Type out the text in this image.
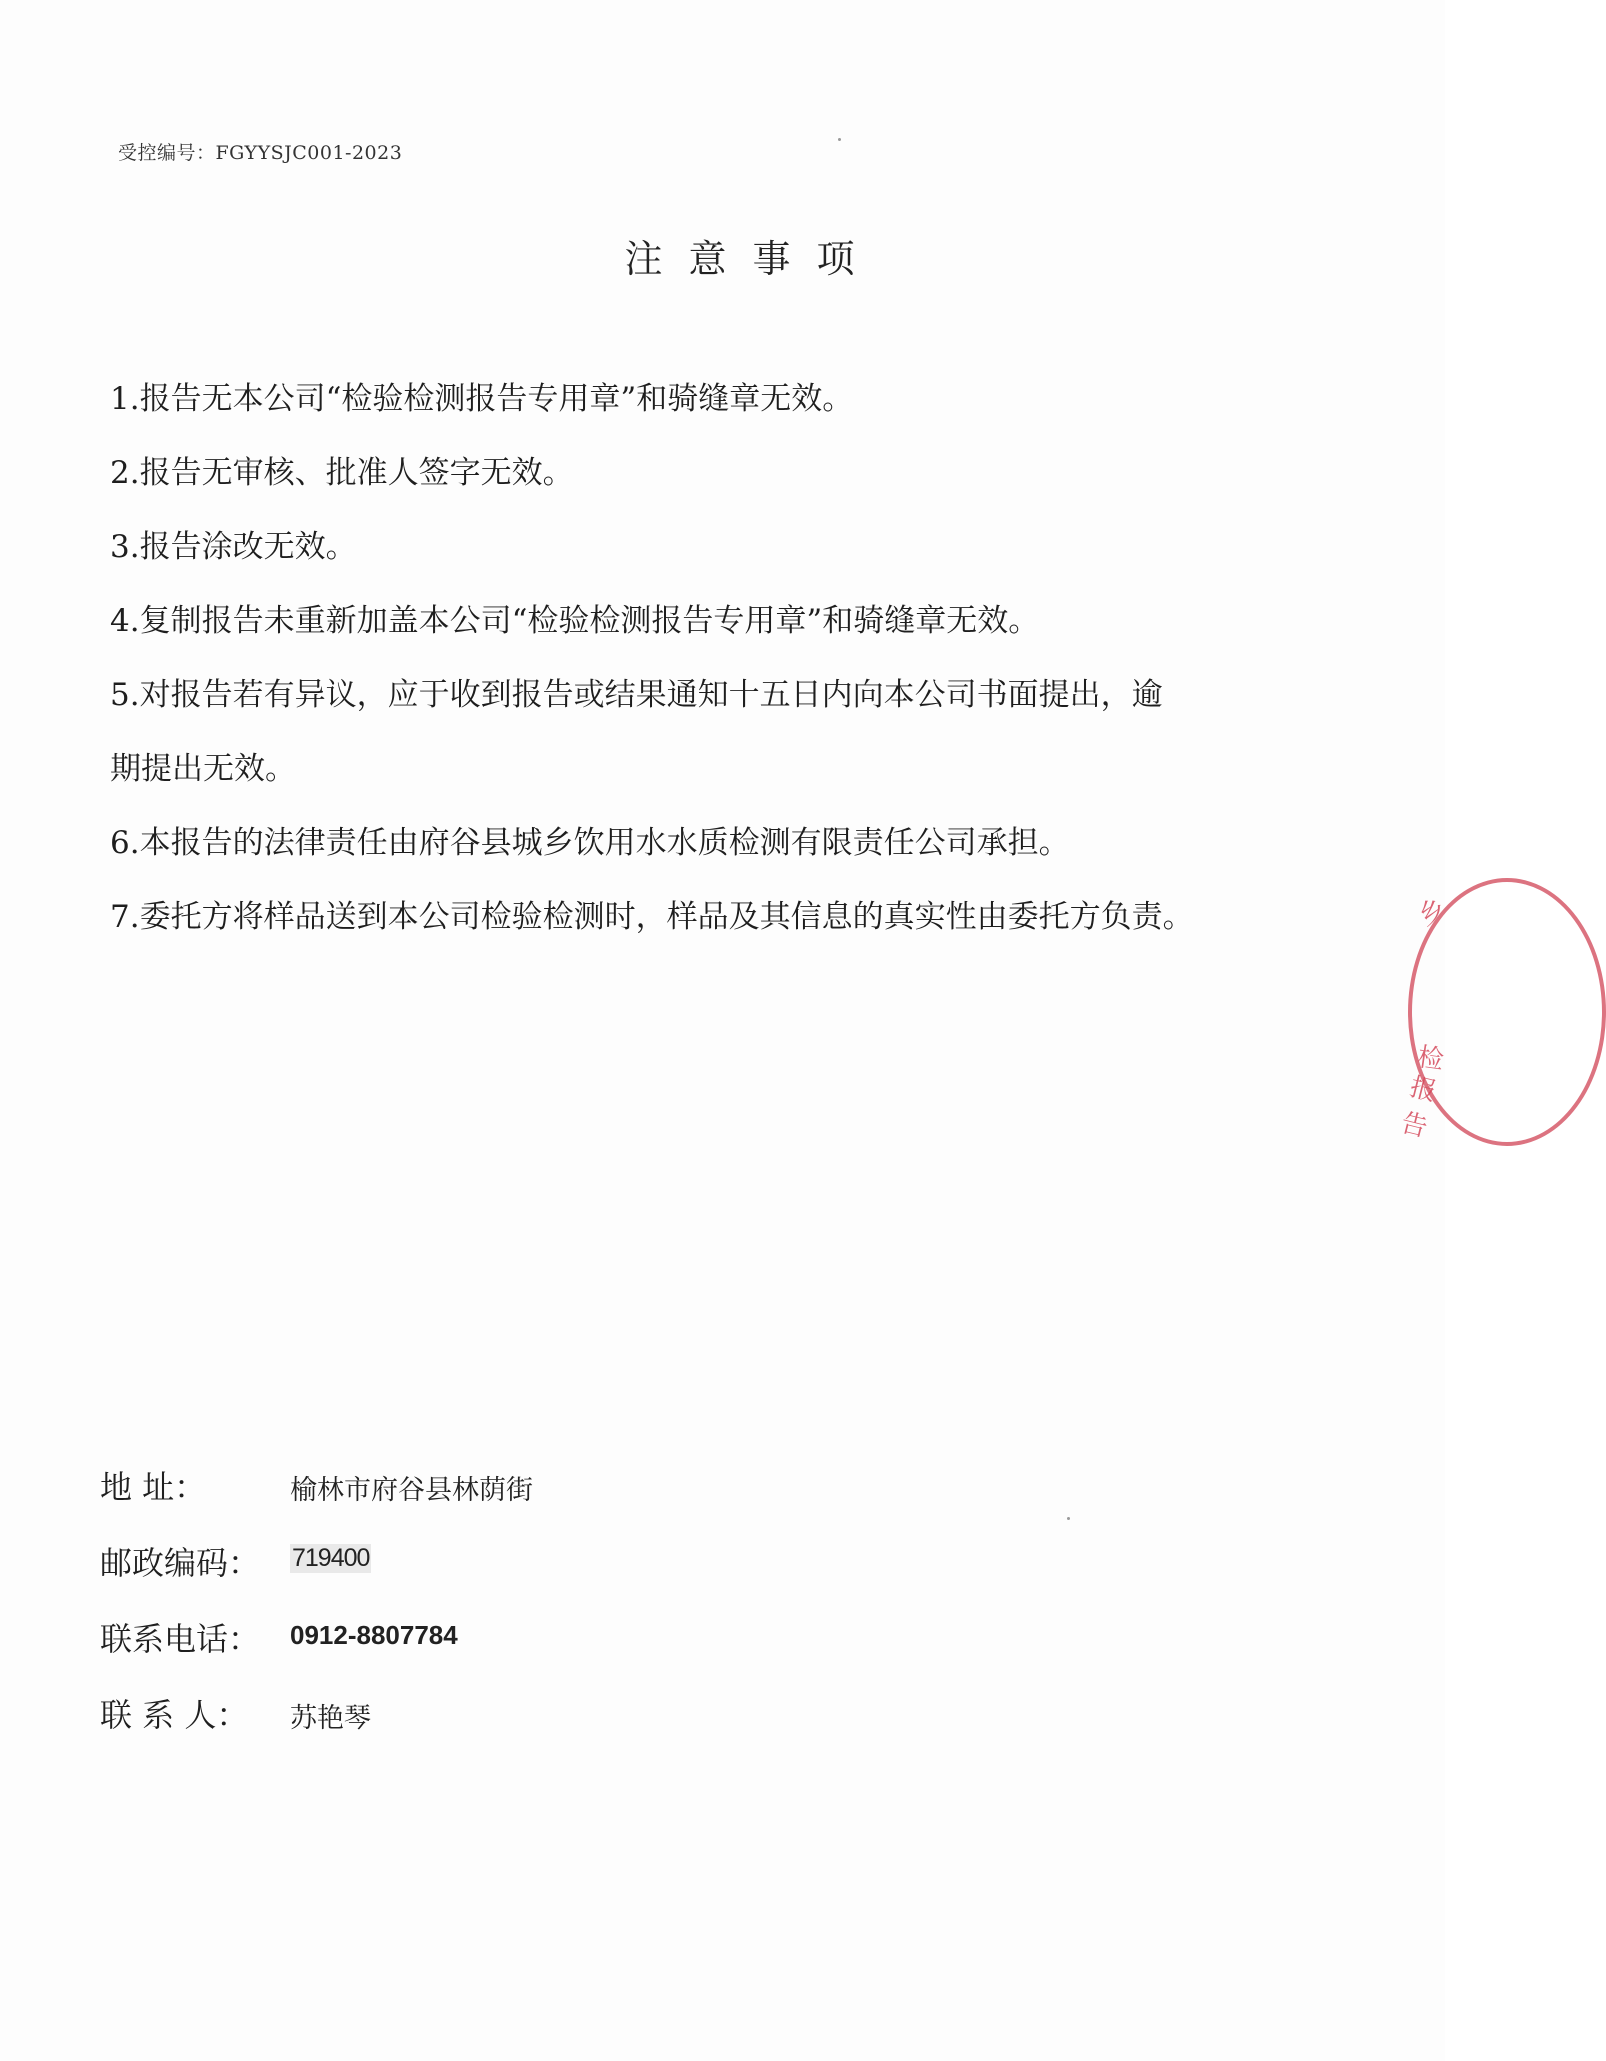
受控编号：FGYYSJC001-2023
注意事项

1.报告无本公司“检验检测报告专用章”和骑缝章无效。

2.报告无审核、批准人签字无效。

3.报告涂改无效。

4.复制报告未重新加盖本公司“检验检测报告专用章”和骑缝章无效。

5.对报告若有异议，应于收到报告或结果通知十五日内向本公司书面提出，逾

期提出无效。

6.本报告的法律责任由府谷县城乡饮用水水质检测有限责任公司承担。

7.委托方将样品送到本公司检验检测时，样品及其信息的真实性由委托方负责。

地 址：	榆林市府谷县林荫街
邮政编码： 719400
联系电话： 0912-8807784
联 系 人： 苏艳琴
乡
检
报告
